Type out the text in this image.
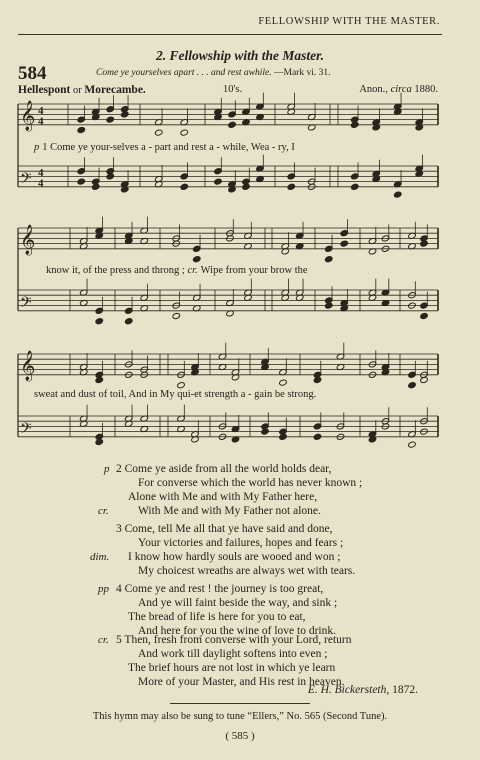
FELLOWSHIP WITH THE MASTER.
2. Fellowship with the Master.
584	Come ye yourselves apart . . . and rest awhile. —Mark vi. 31.
Hellespont or Morecambe.	10's.	Anon., circa 1880.
𝄞 4
4
𝄢 4
4
𝄞
𝄢
𝄞
𝄢
p 1 Come ye your-selves a - part and rest a - while, Wea - ry, I
know it, of the press and throng ; cr. Wipe from your brow the
sweat and dust of toil, And in My qui-et strength a - gain be strong.
p 2 Come ye aside from all the world holds dear,
For converse which the world has never known ;
Alone with Me and with My Father here,
cr.	With Me and with My Father not alone.
3 Come, tell Me all that ye have said and done,
Your victories and failures, hopes and fears ;
dim. I know how hardly souls are wooed and won ;
My choicest wreaths are always wet with tears.
pp 4 Come ye and rest ! the journey is too great,
And ye will faint beside the way, and sink ;
The bread of life is here for you to eat,
And here for you the wine of love to drink.
cr. 5 Then, fresh from converse with your Lord, return
And work till daylight softens into even ;
The brief hours are not lost in which ye learn
More of your Master, and His rest in heaven.
E. H. Bickersteth, 1872.
This hymn may also be sung to tune “Ellers,” No. 565 (Second Tune).
( 585 )
